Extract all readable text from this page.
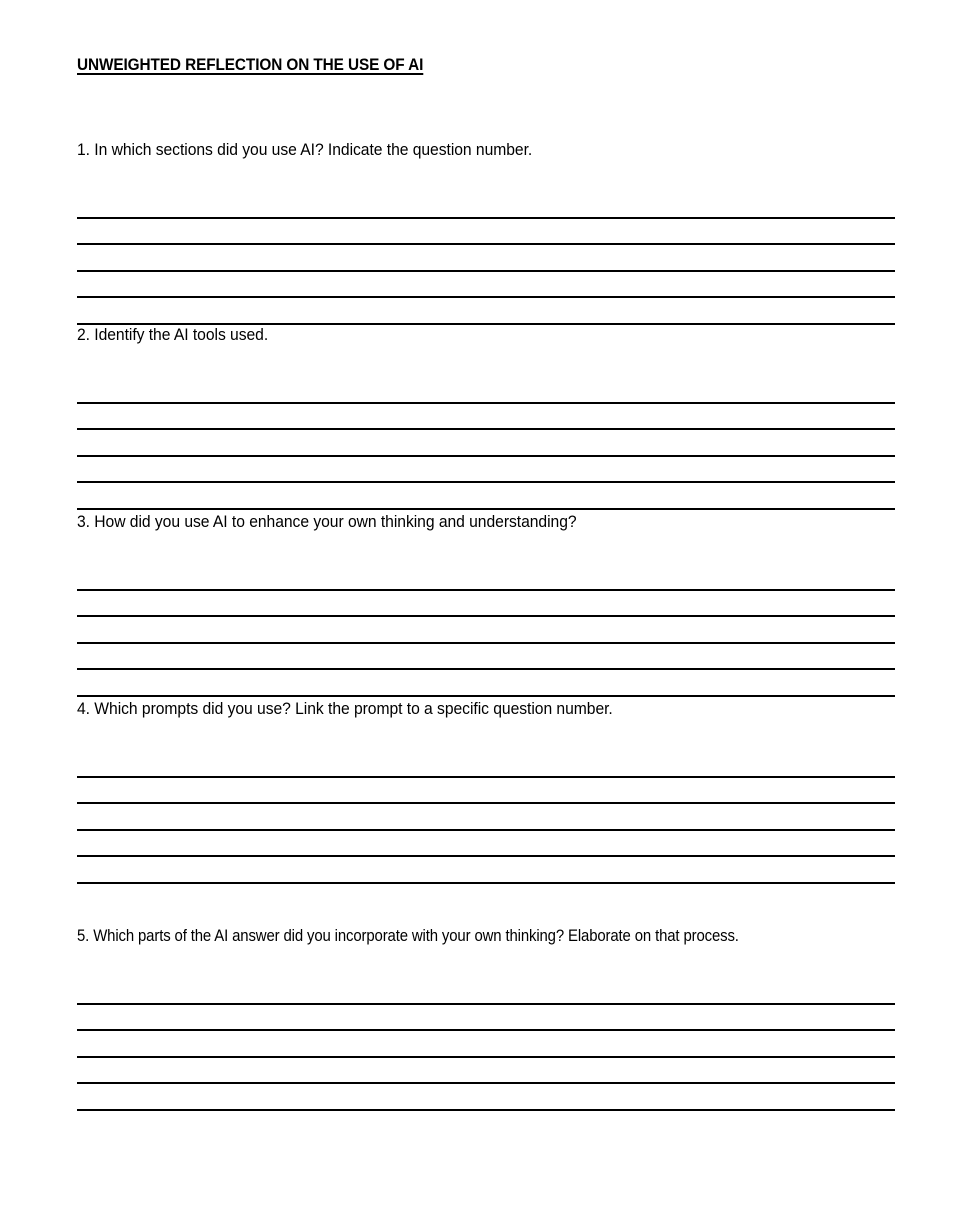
UNWEIGHTED REFLECTION ON THE USE OF AI

1. In which sections did you use AI? Indicate the question number.

2. Identify the AI tools used.

3. How did you use AI to enhance your own thinking and understanding?

4. Which prompts did you use? Link the prompt to a specific question number.

5. Which parts of the AI answer did you incorporate with your own thinking? Elaborate on that process.
